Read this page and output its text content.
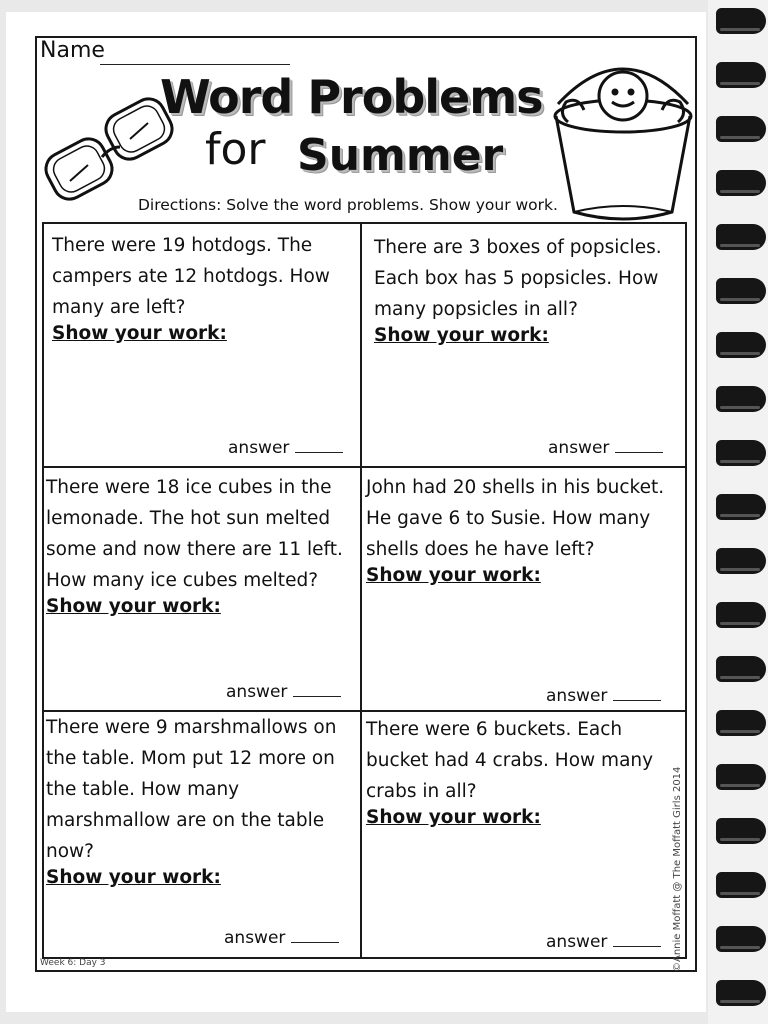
Name
Word Problems
for Summer
Directions: Solve the word problems. Show your work.

There were 19 hotdogs. The campers ate 12 hotdogs. How many are left?

Show your work:
answer

There are 3 boxes of popsicles. Each box has 5 popsicles. How many popsicles in all?

Show your work:
answer

There were 18 ice cubes in the lemonade. The hot sun melted some and now there are 11 left. How many ice cubes melted?

Show your work:
answer

John had 20 shells in his bucket. He gave 6 to Susie. How many shells does he have left?

Show your work:
answer

There were 9 marshmallows on the table. Mom put 12 more on the table. How many marshmallow are on the table now?

Show your work:
answer

There were 6 buckets. Each bucket had 4 crabs. How many crabs in all?

Show your work:
answer
Week 6: Day 3	©Annie Moffatt @ The Moffatt Girls 2014
